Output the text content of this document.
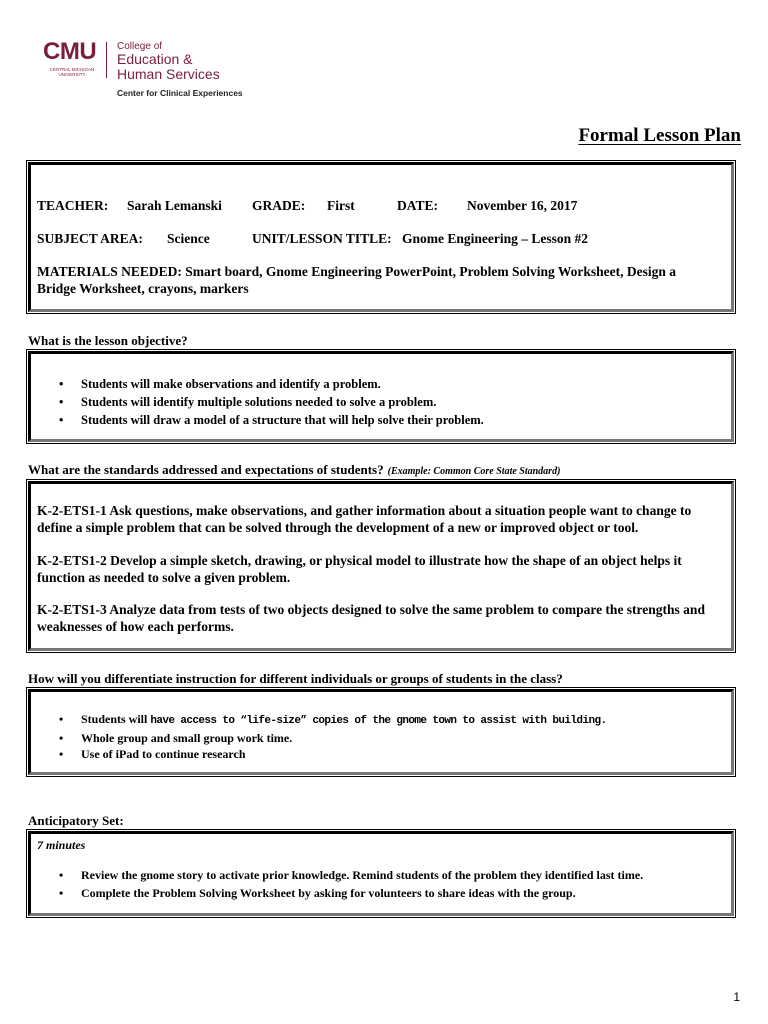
CMU
CENTRAL MICHIGAN UNIVERSITY
College of
Education &
Human Services
Center for Clinical Experiences
Formal Lesson Plan
TEACHER: Sarah Lemanski GRADE: First	DATE: November 16, 2017
SUBJECT AREA: Science	UNIT/LESSON TITLE: Gnome Engineering – Lesson #2
MATERIALS NEEDED: Smart board, Gnome Engineering PowerPoint, Problem Solving Worksheet, Design a Bridge Worksheet, crayons, markers
What is the lesson objective?
• Students will make observations and identify a problem.
• Students will identify multiple solutions needed to solve a problem.
• Students will draw a model of a structure that will help solve their problem.
What are the standards addressed and expectations of students? (Example: Common Core State Standard)

K-2-ETS1-1 Ask questions, make observations, and gather information about a situation people want to change to define a simple problem that can be solved through the development of a new or improved object or tool.

K-2-ETS1-2 Develop a simple sketch, drawing, or physical model to illustrate how the shape of an object helps it function as needed to solve a given problem.

K-2-ETS1-3 Analyze data from tests of two objects designed to solve the same problem to compare the strengths and weaknesses of how each performs.

How will you differentiate instruction for different individuals or groups of students in the class?
• Students will have access to “life-size” copies of the gnome town to assist with building.
• Whole group and small group work time.
• Use of iPad to continue research
Anticipatory Set:
7 minutes
• Review the gnome story to activate prior knowledge. Remind students of the problem they identified last time.
• Complete the Problem Solving Worksheet by asking for volunteers to share ideas with the group.
1
